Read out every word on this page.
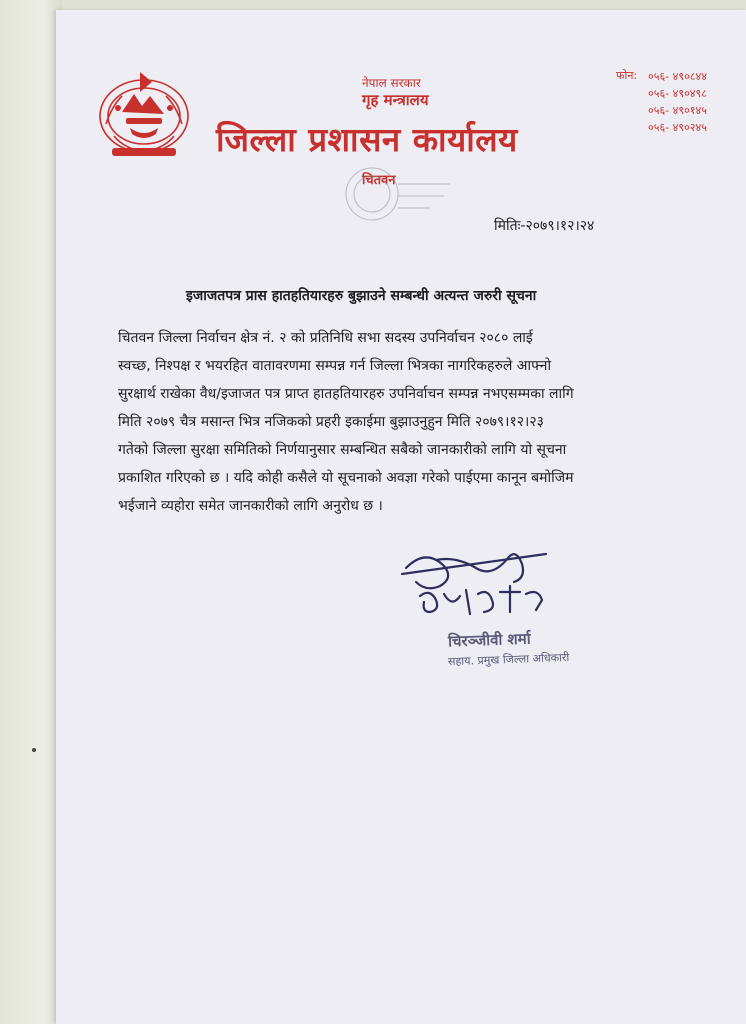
नेपाल सरकार
गृह मन्त्रालय
जिल्ला प्रशासन कार्यालय
चितवन
फोन: ०५६- ४९०८४४
०५६- ४९०४९८
०५६- ४९०१४५
०५६- ४९०२४५
मितिः-२०७९।१२।२४
इजाजतपत्र प्रास हातहतियारहरु बुझाउने सम्बन्धी अत्यन्त जरुरी सूचना
चितवन जिल्ला निर्वाचन क्षेत्र नं. २ को प्रतिनिधि सभा सदस्य उपनिर्वाचन २०८० लाई
स्वच्छ, निश्पक्ष र भयरहित वातावरणमा सम्पन्न गर्न जिल्ला भित्रका नागरिकहरुले आफ्नो
सुरक्षार्थ राखेका वैध/इजाजत पत्र प्राप्त हातहतियारहरु उपनिर्वाचन सम्पन्न नभएसम्मका लागि
मिति २०७९ चैत्र मसान्त भित्र नजिकको प्रहरी इकाईमा बुझाउनुहुन मिति २०७९।१२।२३
गतेको जिल्ला सुरक्षा समितिको निर्णयानुसार सम्बन्धित सबैको जानकारीको लागि यो सूचना
प्रकाशित गरिएको छ । यदि कोही कसैले यो सूचनाको अवज्ञा गरेको पाईएमा कानून बमोजिम
भईजाने व्यहोरा समेत जानकारीको लागि अनुरोध छ ।
चिरञ्जीवी शर्मा
सहाय. प्रमुख जिल्ला अधिकारी
